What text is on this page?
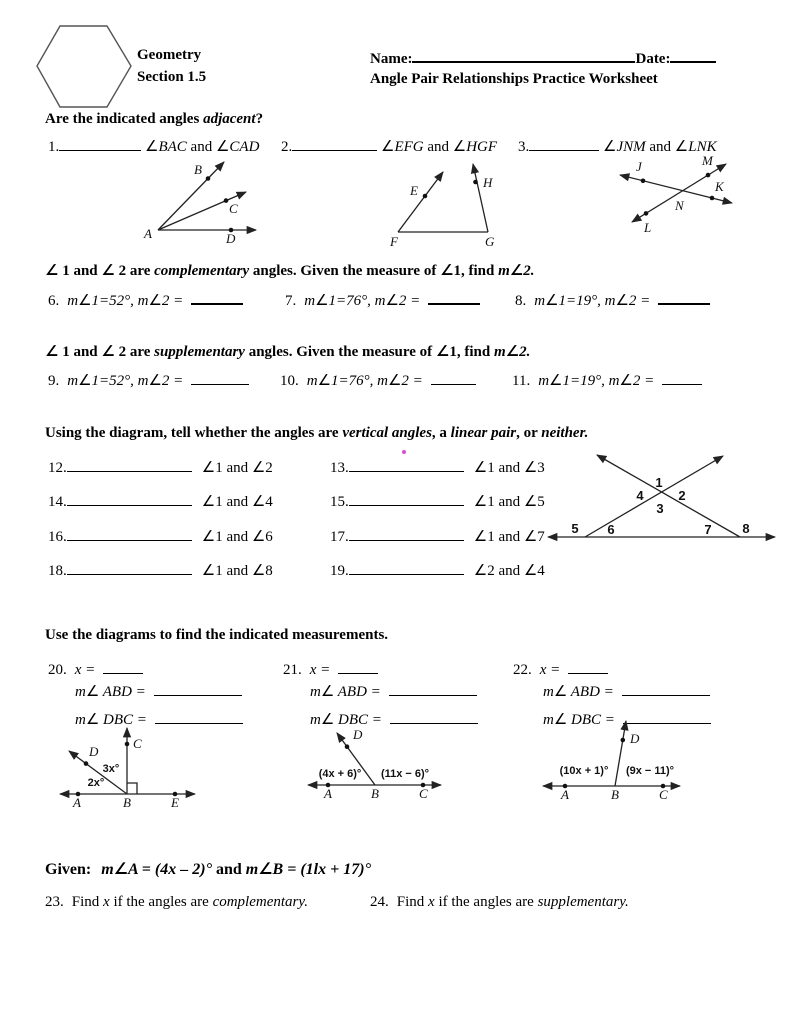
Geometry
Section 1.5
Name:	Date:
Angle Pair Relationships Practice Worksheet
Are the indicated angles adjacent?
1.	∠BAC and ∠CAD 2.	∠EFG and ∠HGF 3.	∠JNM and ∠LNK
B
C
D
A
E
H
F	G
J	M
K
N
L
∠ 1 and ∠ 2 are complementary angles. Given the measure of ∠1, find m∠2.
6. m∠1=52°, m∠2 =	7. m∠1=76°, m∠2 =	8. m∠1=19°, m∠2 =
∠ 1 and ∠ 2 are supplementary angles. Given the measure of ∠1, find m∠2.
9. m∠1=52°, m∠2 =	10. m∠1=76°, m∠2 =	11. m∠1=19°, m∠2 =
Using the diagram, tell whether the angles are vertical angles, a linear pair, or neither.
12.	∠1 and ∠2	13.	∠1 and ∠3
14.	∠1 and ∠4	15.	∠1 and ∠5
16.	∠1 and ∠6	17.	∠1 and ∠7
18.	∠1 and ∠8	19.	∠2 and ∠4
1
2
3
4
5 6	7 8
Use the diagrams to find the indicated measurements.
20. x =	21. x =	22. x =
m∠ ABD =	m∠ ABD =	m∠ ABD =
m∠ DBC =	m∠ DBC =	m∠ DBC =
A	B	E
C
D
3x°
2x°
A	B	C
D
(4x + 6)° (11x − 6)°
A	B	C
D
(10x + 1)° (9x − 11)°
Given: m∠A = (4x – 2)° and m∠B = (1lx + 17)°
23. Find x if the angles are complementary.	24. Find x if the angles are supplementary.
